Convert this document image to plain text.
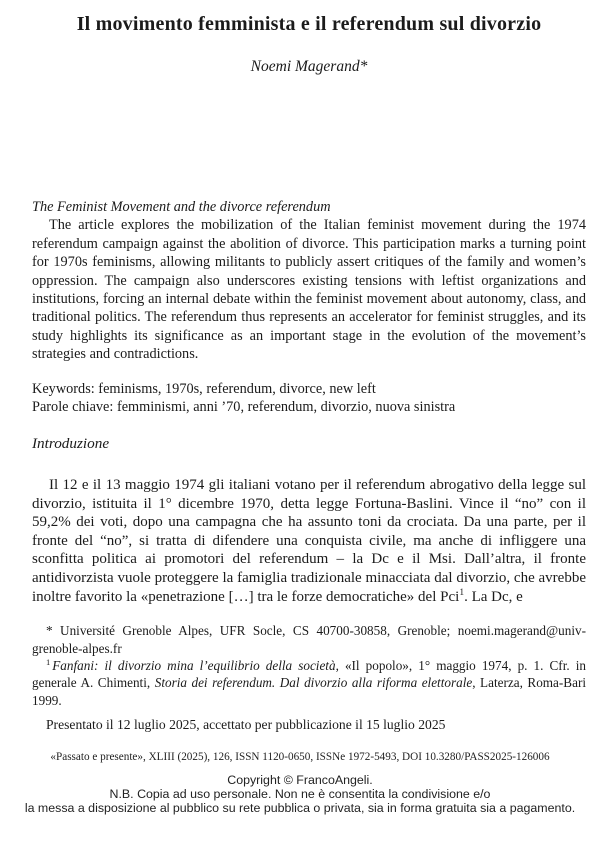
Il movimento femminista e il referendum sul divorzio
Noemi Magerand*
The Feminist Movement and the divorce referendum

The article explores the mobilization of the Italian feminist movement during the 1974 referendum campaign against the abolition of divorce. This participation marks a turning point for 1970s feminisms, allowing militants to publicly assert critiques of the family and women’s oppression. The campaign also underscores existing tensions with leftist organizations and institutions, forcing an internal debate within the feminist movement about autonomy, class, and traditional politics. The referendum thus represents an accelerator for feminist struggles, and its study highlights its significance as an important stage in the evolution of the movement’s strategies and contradictions.

Keywords: feminisms, 1970s, referendum, divorce, new left
Parole chiave: femminismi, anni ’70, referendum, divorzio, nuova sinistra
Introduzione

Il 12 e il 13 maggio 1974 gli italiani votano per il referendum abrogativo della legge sul divorzio, istituita il 1° dicembre 1970, detta legge Fortuna-Baslini. Vince il “no” con il 59,2% dei voti, dopo una campagna che ha assunto toni da crociata. Da una parte, per il fronte del “no”, si tratta di difendere una conquista civile, ma anche di infliggere una sconfitta politica ai promotori del referendum – la Dc e il Msi. Dall’altra, il fronte antidivorzista vuole proteggere la famiglia tradizionale minacciata dal divorzio, che avrebbe inoltre favorito la «penetrazione […] tra le forze democratiche» del Pci$^1$. La Dc, e

* Université Grenoble Alpes, UFR Socle, CS 40700-30858, Grenoble; noemi.magerand@univ-grenoble-alpes.fr

$^1$ Fanfani: il divorzio mina l’equilibrio della società, «Il popolo», 1° maggio 1974, p. 1. Cfr. in generale A. Chimenti, Storia dei referendum. Dal divorzio alla riforma elettorale, Laterza, Roma-Bari 1999.

Presentato il 12 luglio 2025, accettato per pubblicazione il 15 luglio 2025

«Passato e presente», XLIII (2025), 126, ISSN 1120-0650, ISSNe 1972-5493, DOI 10.3280/PASS2025-126006
Copyright © FrancoAngeli.
N.B. Copia ad uso personale. Non ne è consentita la condivisione e/o
la messa a disposizione al pubblico su rete pubblica o privata, sia in forma gratuita sia a pagamento.
